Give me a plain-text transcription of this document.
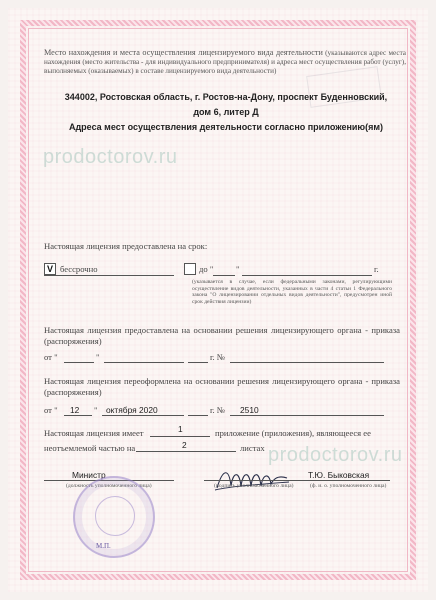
Место нахождения и места осуществления лицензируемого вида деятельности (указываются адрес места нахождения (место жительства - для индивидуального предпринимателя) и адреса мест осуществления работ (услуг), выполняемых (оказываемых) в составе лицензируемого вида деятельности)
344002, Ростовская область, г. Ростов-на-Дону, проспект Буденновский,
дом 6, литер Д
Адреса мест осуществления деятельности согласно приложению(ям)
prodoctorov.ru
Настоящая лицензия предоставлена на срок:
V бессрочно	до "	"	г.
(указывается в случае, если федеральными законами, регулирующими осуществление видов деятельности, указанных в части 4 статьи 1 Федерального закона "О лицензировании отдельных видов деятельности", предусмотрен иной срок действия лицензии)
Настоящая лицензия предоставлена на основании решения лицензирующего органа - приказа (распоряжения)
от "	"	г. №
Настоящая лицензия переоформлена на основании решения лицензирующего органа - приказа (распоряжения)
от " 12 " октября 2020	г. № 2510
Настоящая лицензия имеет	1	приложение (приложения), являющееся ее
неотъемлемой частью на	2	листах prodoctorov.ru
Министр
(должность уполномоченного лица)	(подпись уполномоченного лица)
Т.Ю. Быковская
(ф. и. о. уполномоченного лица)
М.П.
